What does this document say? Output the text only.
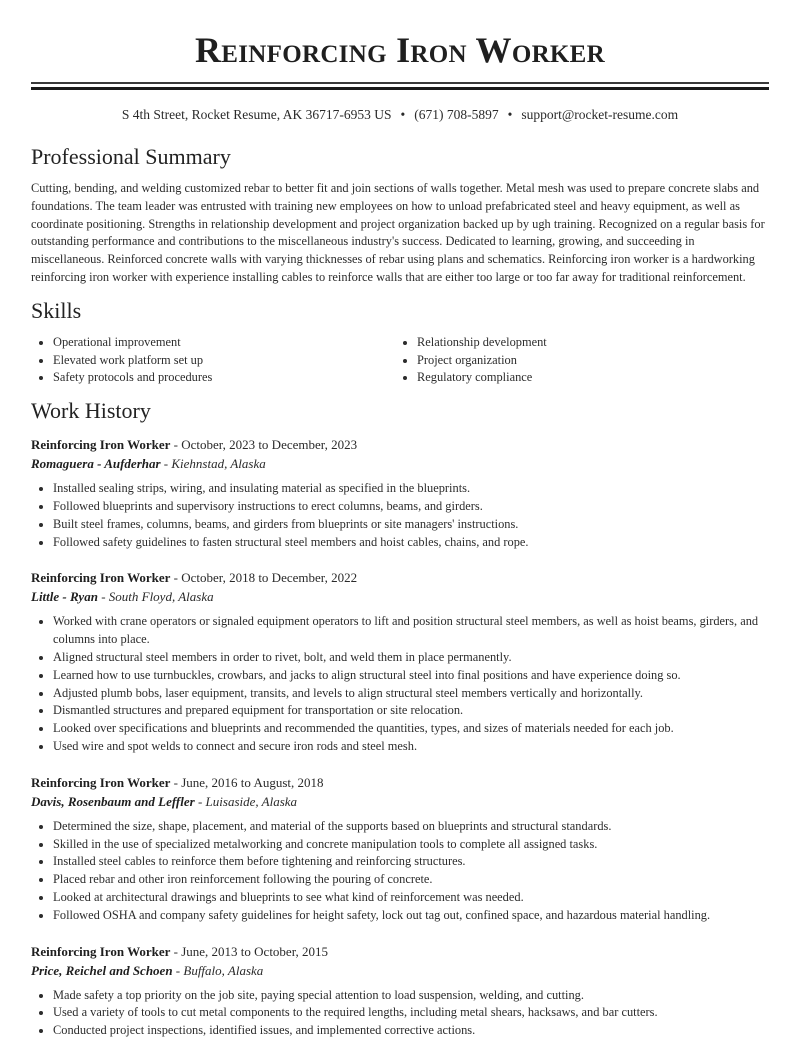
Reinforcing Iron Worker
S 4th Street, Rocket Resume, AK 36717-6953 US • (671) 708-5897 • support@rocket-resume.com
Professional Summary

Cutting, bending, and welding customized rebar to better fit and join sections of walls together. Metal mesh was used to prepare concrete slabs and foundations. The team leader was entrusted with training new employees on how to unload prefabricated steel and heavy equipment, as well as coordinate positioning. Strengths in relationship development and project organization backed up by ugh training. Recognized on a regular basis for outstanding performance and contributions to the miscellaneous industry's success. Dedicated to learning, growing, and succeeding in miscellaneous. Reinforced concrete walls with varying thicknesses of rebar using plans and schematics. Reinforcing iron worker is a hardworking reinforcing iron worker with experience installing cables to reinforce walls that are either too large or too far away for traditional reinforcement.

Skills
• Operational improvement
• Elevated work platform set up
• Safety protocols and procedures
• Relationship development
• Project organization
• Regulatory compliance
Work History
Reinforcing Iron Worker - October, 2023 to December, 2023
Romaguera - Aufderhar - Kiehnstad, Alaska
• Installed sealing strips, wiring, and insulating material as specified in the blueprints.
• Followed blueprints and supervisory instructions to erect columns, beams, and girders.
• Built steel frames, columns, beams, and girders from blueprints or site managers' instructions.
• Followed safety guidelines to fasten structural steel members and hoist cables, chains, and rope.
Reinforcing Iron Worker - October, 2018 to December, 2022
Little - Ryan - South Floyd, Alaska
• Worked with crane operators or signaled equipment operators to lift and position structural steel members, as well as hoist beams, girders, and columns into place.
• Aligned structural steel members in order to rivet, bolt, and weld them in place permanently.
• Learned how to use turnbuckles, crowbars, and jacks to align structural steel into final positions and have experience doing so.
• Adjusted plumb bobs, laser equipment, transits, and levels to align structural steel members vertically and horizontally.
• Dismantled structures and prepared equipment for transportation or site relocation.
• Looked over specifications and blueprints and recommended the quantities, types, and sizes of materials needed for each job.
• Used wire and spot welds to connect and secure iron rods and steel mesh.
Reinforcing Iron Worker - June, 2016 to August, 2018
Davis, Rosenbaum and Leffler - Luisaside, Alaska
• Determined the size, shape, placement, and material of the supports based on blueprints and structural standards.
• Skilled in the use of specialized metalworking and concrete manipulation tools to complete all assigned tasks.
• Installed steel cables to reinforce them before tightening and reinforcing structures.
• Placed rebar and other iron reinforcement following the pouring of concrete.
• Looked at architectural drawings and blueprints to see what kind of reinforcement was needed.
• Followed OSHA and company safety guidelines for height safety, lock out tag out, confined space, and hazardous material handling.
Reinforcing Iron Worker - June, 2013 to October, 2015
Price, Reichel and Schoen - Buffalo, Alaska
• Made safety a top priority on the job site, paying special attention to load suspension, welding, and cutting.
• Used a variety of tools to cut metal components to the required lengths, including metal shears, hacksaws, and bar cutters.
• Conducted project inspections, identified issues, and implemented corrective actions.
